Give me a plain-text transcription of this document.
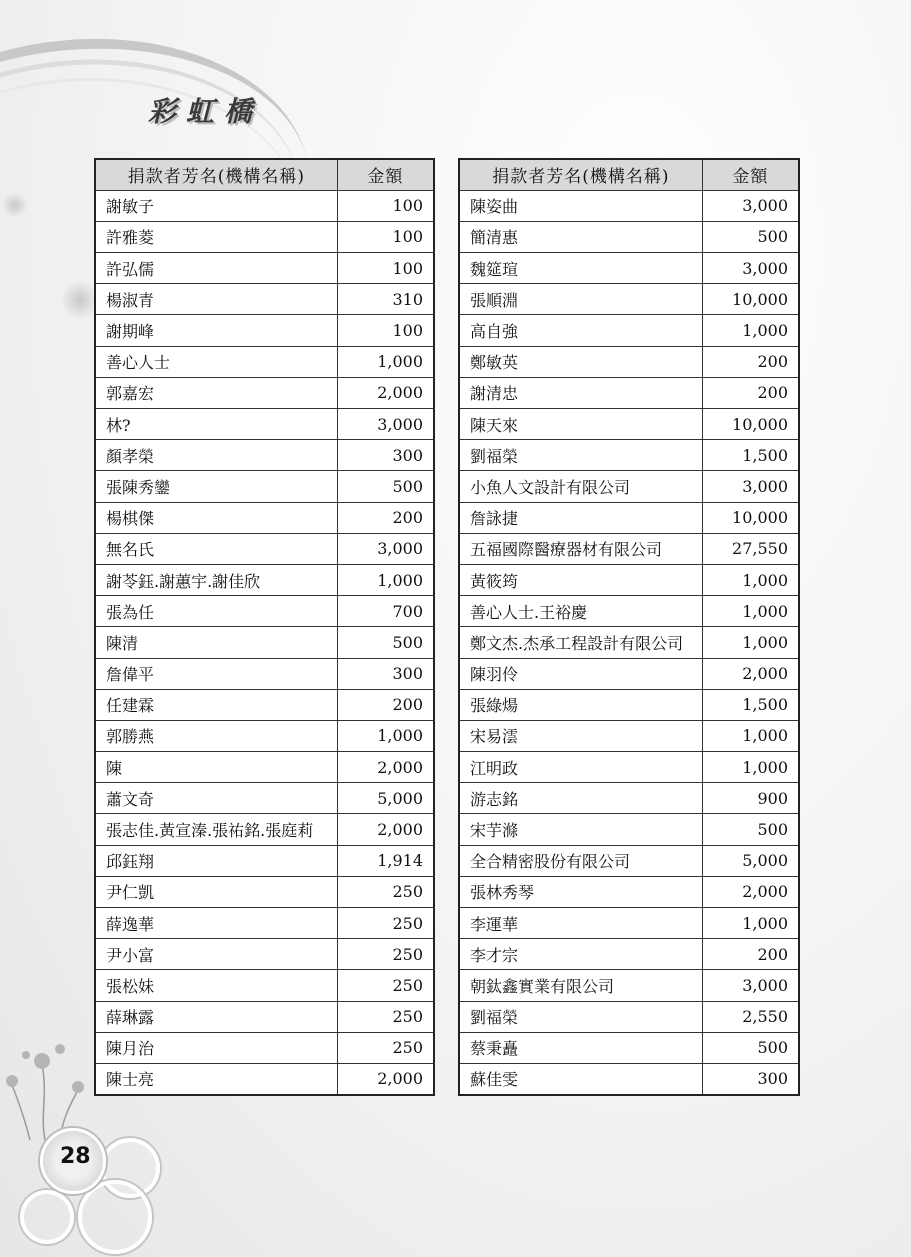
彩虹橋
捐款者芳名(機構名稱)	金額
謝敏子	100
許雅菱	100
許弘儒	100
楊淑青	310
謝期峰	100
善心人士	1,000
郭嘉宏	2,000
林?	3,000
顏孝榮	300
張陳秀鑾	500
楊棋傑	200
無名氏	3,000
謝苓鈺.謝蕙宇.謝佳欣	1,000
張為任	700
陳清	500
詹偉平	300
任建霖	200
郭勝燕	1,000
陳	2,000
蕭文奇	5,000
張志佳.黃宣溱.張祐銘.張庭莉	2,000
邱鈺翔	1,914
尹仁凱	250
薛逸華	250
尹小富	250
張松妹	250
薛琳露	250
陳月治	250
陳士亮	2,000
捐款者芳名(機構名稱)	金額
陳姿曲	3,000
簡清惠	500
魏筵瑄	3,000
張順淵	10,000
高自強	1,000
鄭敏英	200
謝清忠	200
陳天來	10,000
劉福榮	1,500
小魚人文設計有限公司	3,000
詹詠捷	10,000
五福國際醫療器材有限公司	27,550
黃筱筠	1,000
善心人士.王裕慶	1,000
鄭文杰.杰承工程設計有限公司	1,000
陳羽伶	2,000
張綠煬	1,500
宋易澐	1,000
江明政	1,000
游志銘	900
宋芋滌	500
全合精密股份有限公司	5,000
張林秀琴	2,000
李運華	1,000
李才宗	200
朝鈦鑫實業有限公司	3,000
劉福榮	2,550
蔡秉矗	500
蘇佳雯	300
28
